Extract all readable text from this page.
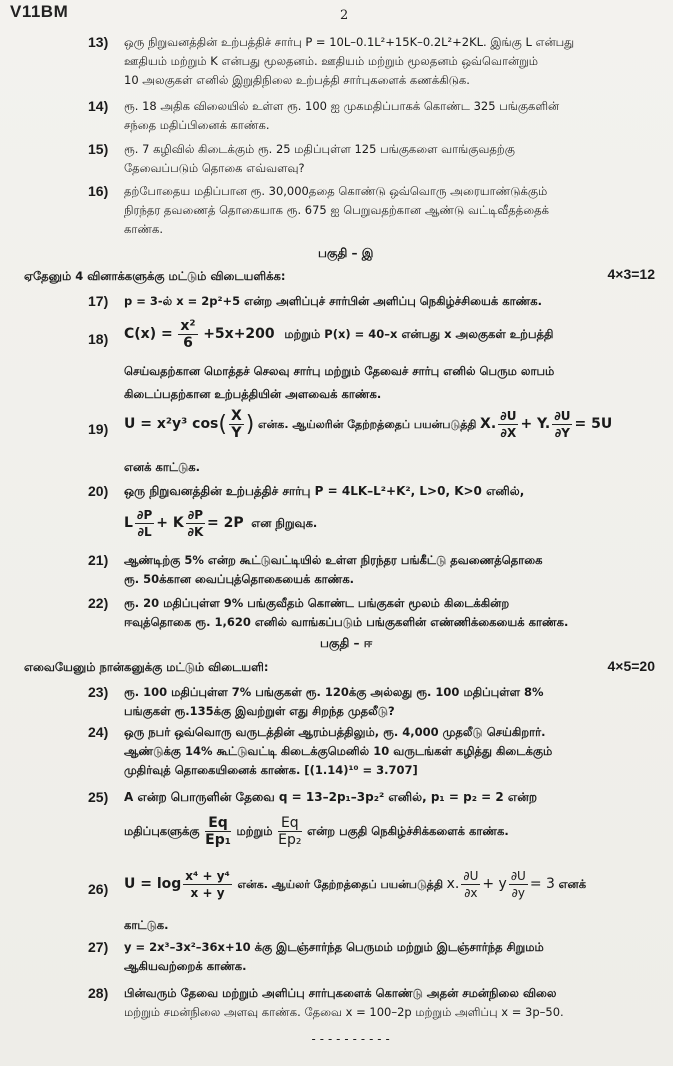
V11BM	2
13) ஒரு நிறுவனத்தின் உற்பத்திச் சார்பு P = 10L–0.1L²+15K–0.2L²+2KL. இங்கு L என்பது
ஊதியம் மற்றும் K என்பது மூலதனம். ஊதியம் மற்றும் மூலதனம் ஒவ்வொன்றும்
10 அலகுகள் எனில் இறுதிநிலை உற்பத்தி சார்புகளைக் கணக்கிடுக.
14) ரூ. 18 அதிக விலையில் உள்ள ரூ. 100 ஐ முகமதிப்பாகக் கொண்ட 325 பங்குகளின்
சந்தை மதிப்பினைக் காண்க.
15) ரூ. 7 கழிவில் கிடைக்கும் ரூ. 25 மதிப்புள்ள 125 பங்குகளை வாங்குவதற்கு
தேவைப்படும் தொகை எவ்வளவு?
16) தற்போதைய மதிப்பான ரூ. 30,000ததை கொண்டு ஒவ்வொரு அரையாண்டுக்கும்
நிரந்தர தவணைத் தொகையாக ரூ. 675 ஐ பெறுவதற்கான ஆண்டு வட்டிவீதத்தைக்
காண்க.
பகுதி – இ
ஏதேனும் 4 வினாக்களுக்கு மட்டும் விடையளிக்க:	4×3=12
17) p = 3-ல் x = 2p²+5 என்ற அளிப்புச் சார்பின் அளிப்பு நெகிழ்ச்சியைக் காண்க.
18) $C(x) = \frac{\text{x²}}{6} +5x+200$ மற்றும் P(x) = 40–x என்பது x அலகுகள் உற்பத்தி
செய்வதற்கான மொத்தச் செலவு சார்பு மற்றும் தேவைச் சார்பு எனில் பெரும லாபம்
கிடைப்பதற்கான உற்பத்தியின் அளவைக் காண்க.
19) U = x²y³ $\cos( \frac{X}{Y}$ ) என்க. ஆய்லரின் தேற்றத்தைப் பயன்படுத்தி X. $\frac{\partial U}{\partial X} + Y$. $\frac{\partial U}{\partial Y} = 5U$
எனக் காட்டுக.
20) ஒரு நிறுவனத்தின் உற்பத்திச் சார்பு P = 4LK–L²+K², L>0, K>0 எனில்,
L $\frac{\partial P}{\partial L} + K \frac{\partial P}{\partial K} = 2P$ என நிறுவுக.
21) ஆண்டிற்கு 5% என்ற கூட்டுவட்டியில் உள்ள நிரந்தர பங்கீட்டு தவணைத்தொகை
ரூ. 50க்கான வைப்புத்தொகையைக் காண்க.
22) ரூ. 20 மதிப்புள்ள 9% பங்குவீதம் கொண்ட பங்குகள் மூலம் கிடைக்கின்ற
ஈவுத்தொகை ரூ. 1,620 எனில் வாங்கப்படும் பங்குகளின் எண்ணிக்கையைக் காண்க.
பகுதி – ஈ
எவையேனும் நான்கனுக்கு மட்டும் விடையளி:	4×5=20
23) ரூ. 100 மதிப்புள்ள 7% பங்குகள் ரூ. 120க்கு அல்லது ரூ. 100 மதிப்புள்ள 8%
பங்குகள் ரூ.135க்கு இவற்றுள் எது சிறந்த முதலீடு?
24) ஒரு நபர் ஒவ்வொரு வருடத்தின் ஆரம்பத்திலும், ரூ. 4,000 முதலீடு செய்கிறார்.
ஆண்டுக்கு 14% கூட்டுவட்டி கிடைக்குமெனில் 10 வருடங்கள் கழித்து கிடைக்கும்
முதிர்வுத் தொகையினைக் காண்க. [(1.14)¹⁰ = 3.707]
25) A என்ற பொருளின் தேவை q = 13–2p₁–3p₂² எனில், p₁ = p₂ = 2 என்ற
மதிப்புகளுக்கு $\frac{Eq}{\text{Ep₁}}$ மற்றும் $\frac{Eq}{\text{Ep₂}}$ என்ற பகுதி நெகிழ்ச்சிக்களைக் காண்க.
26) $U = \log \frac{\text{x⁴ + y⁴}}{x + y}$ என்க. ஆய்லர் தேற்றத்தைப் பயன்படுத்தி x. $\frac{\partial U}{\partial x} + y \frac{\partial U}{\partial y} = 3$ எனக்
காட்டுக.
27) y = 2x³–3x²–36x+10 க்கு இடஞ்சார்ந்த பெருமம் மற்றும் இடஞ்சார்ந்த சிறுமம்
ஆகியவற்றைக் காண்க.
28) பின்வரும் தேவை மற்றும் அளிப்பு சார்புகளைக் கொண்டு அதன் சமன்நிலை விலை
மற்றும் சமன்நிலை அளவு காண்க. தேவை x = 100–2p மற்றும் அளிப்பு x = 3p–50.
----------
